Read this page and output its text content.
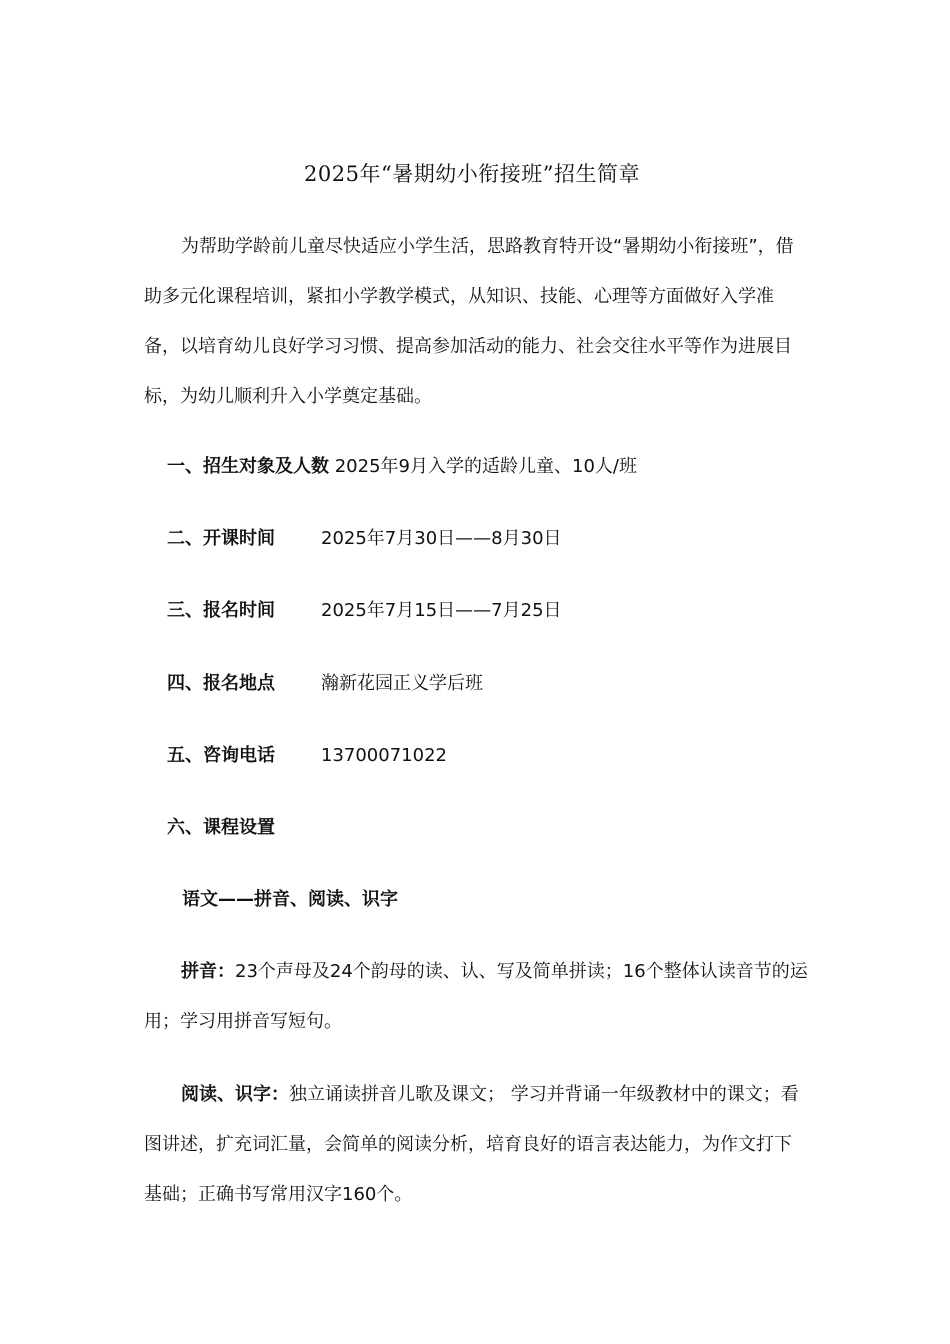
2025年“暑期幼小衔接班”招生简章
为帮助学龄前儿童尽快适应小学生活，思路教育特开设“暑期幼小衔接班”，借助多元化课程培训，紧扣小学教学模式，从知识、技能、心理等方面做好入学准备，以培育幼儿良好学习习惯、提高参加活动的能力、社会交往水平等作为进展目标，为幼儿顺利升入小学奠定基础。
一、招生对象及人数 2025年9月入学的适龄儿童、10人/班
二、开课时间	2025年7月30日——8月30日
三、报名时间	2025年7月15日——7月25日
四、报名地点	瀚新花园正义学后班
五、咨询电话	13700071022
六、课程设置
语文——拼音、阅读、识字
拼音：23个声母及24个韵母的读、认、写及简单拼读；16个整体认读音节的运用；学习用拼音写短句。
阅读、识字：独立诵读拼音儿歌及课文； 学习并背诵一年级教材中的课文；看图讲述，扩充词汇量，会简单的阅读分析，培育良好的语言表达能力，为作文打下基础；正确书写常用汉字160个。
